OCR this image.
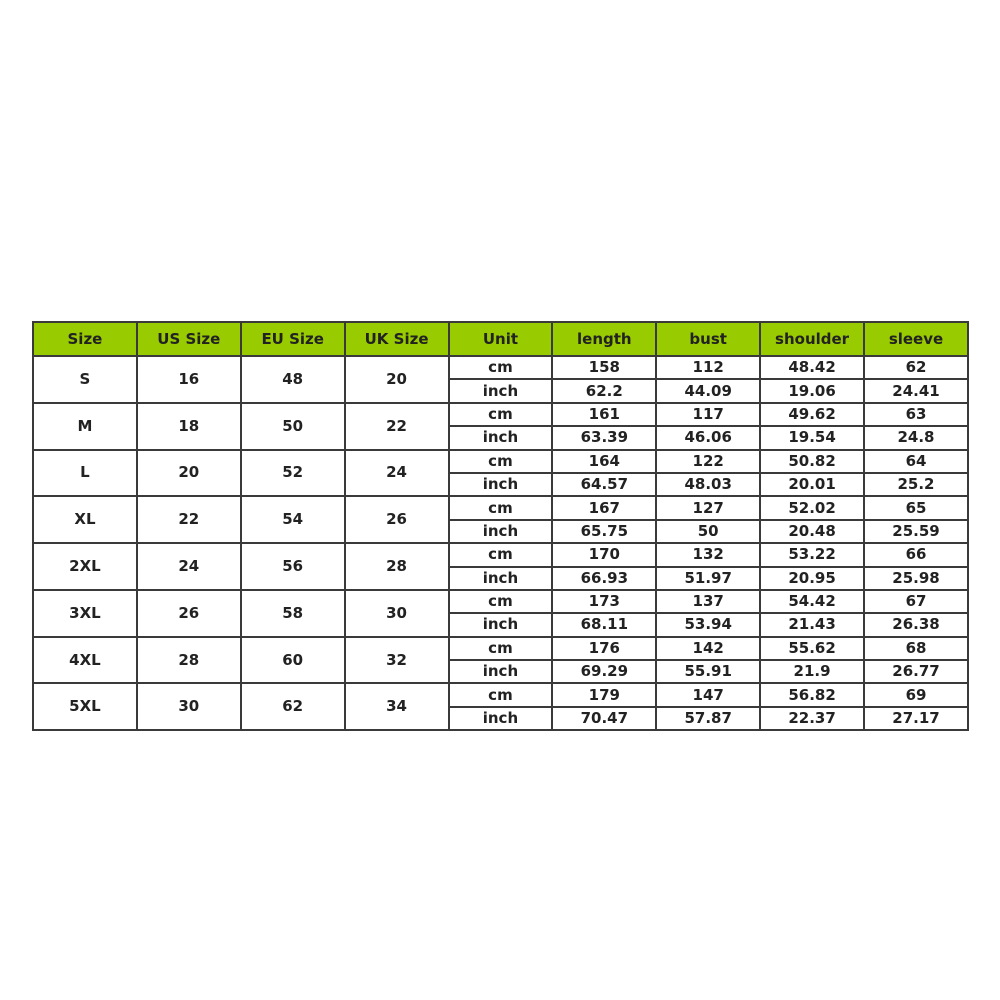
Size	US Size	EU Size	UK Size	Unit	length	bust	shoulder	sleeve
S	16	48	20	cm	158	112	48.42	62
				inch	62.2	44.09	19.06	24.41
M	18	50	22	cm	161	117	49.62	63
				inch	63.39	46.06	19.54	24.8
L	20	52	24	cm	164	122	50.82	64
				inch	64.57	48.03	20.01	25.2
XL	22	54	26	cm	167	127	52.02	65
				inch	65.75	50	20.48	25.59
2XL	24	56	28	cm	170	132	53.22	66
				inch	66.93	51.97	20.95	25.98
3XL	26	58	30	cm	173	137	54.42	67
				inch	68.11	53.94	21.43	26.38
4XL	28	60	32	cm	176	142	55.62	68
				inch	69.29	55.91	21.9	26.77
5XL	30	62	34	cm	179	147	56.82	69
				inch	70.47	57.87	22.37	27.17
